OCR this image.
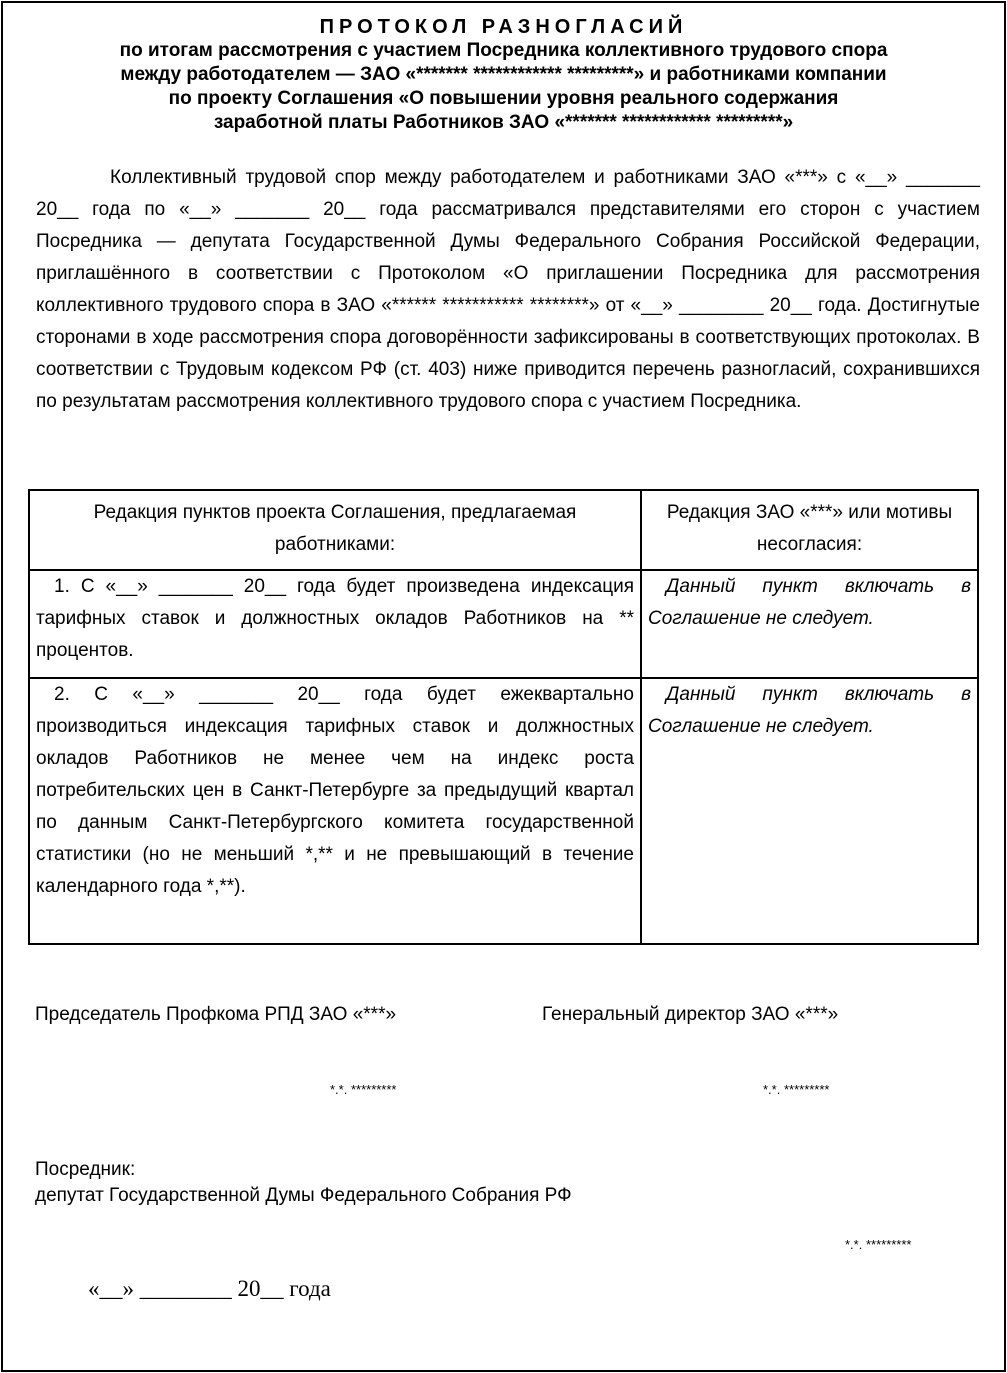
ПРОТОКОЛ РАЗНОГЛАСИЙ
по итогам рассмотрения с участием Посредника коллективного трудового спора
между работодателем — ЗАО «******* ************ *********» и работниками компании
по проекту Соглашения «О повышении уровня реального содержания
заработной платы Работников ЗАО «******* ************ *********»
Коллективный трудовой спор между работодателем и работниками ЗАО «***» с «__» _______ 20__ года по «__» _______ 20__ года рассматривался представителями его сторон с участием Посредника — депутата Государственной Думы Федерального Собрания Российской Федерации, приглашённого в соответствии с Протоколом «О приглашении Посредника для рассмотрения коллективного трудового спора в ЗАО «****** *********** ********» от «__» ________ 20__ года. Достигнутые сторонами в ходе рассмотрения спора договорённости зафиксированы в соответствующих протоколах. В соответствии с Трудовым кодексом РФ (ст. 403) ниже приводится перечень разногласий, сохранившихся по результатам рассмотрения коллективного трудового спора с участием Посредника.
Редакция пунктов проекта Соглашения, предлагаемая работниками:	Редакция ЗАО «***» или мотивы несогласия:
1. С «__» _______ 20__ года будет произведена индексация тарифных ставок и должностных окладов Работников на ** процентов.	Данный пункт включать в Соглашение не следует.
2. С «__» _______ 20__ года будет ежеквартально производиться индексация тарифных ставок и должностных окладов Работников не менее чем на индекс роста потребительских цен в Санкт-Петербурге за предыдущий квартал по данным Санкт-Петербургского комитета государственной статистики (но не меньший *,** и не превышающий в течение календарного года *,**).	Данный пункт включать в Соглашение не следует.
Председатель Профкома РПД ЗАО «***»	Генеральный директор ЗАО «***»
*.*. *********	*.*. *********
Посредник:
депутат Государственной Думы Федерального Собрания РФ
*.*. *********
«__» ________ 20__ года
